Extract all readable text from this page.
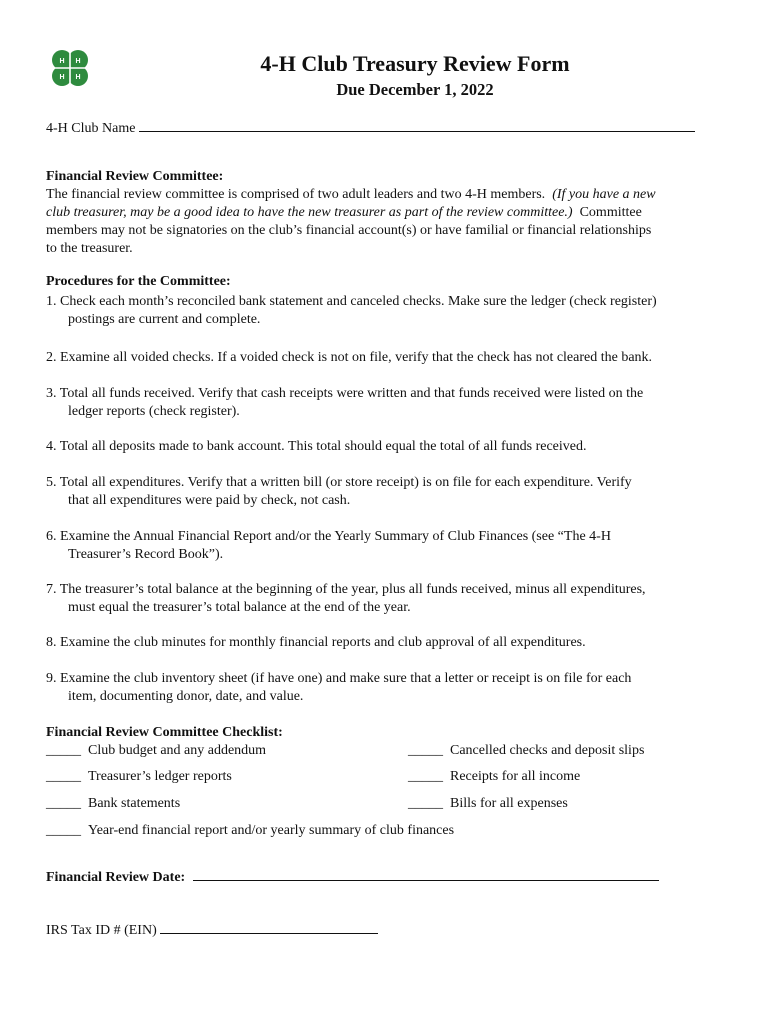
H H
H H
4-H Club Treasury Review Form
Due December 1, 2022
4-H Club Name
Financial Review Committee:
The financial review committee is comprised of two adult leaders and two 4-H members. (If you have a new
club treasurer, may be a good idea to have the new treasurer as part of the review committee.) Committee
members may not be signatories on the club’s financial account(s) or have familial or financial relationships
to the treasurer.
Procedures for the Committee:
1. Check each month’s reconciled bank statement and canceled checks. Make sure the ledger (check register)
postings are current and complete.
2. Examine all voided checks. If a voided check is not on file, verify that the check has not cleared the bank.
3. Total all funds received. Verify that cash receipts were written and that funds received were listed on the
ledger reports (check register).
4. Total all deposits made to bank account. This total should equal the total of all funds received.
5. Total all expenditures. Verify that a written bill (or store receipt) is on file for each expenditure. Verify
that all expenditures were paid by check, not cash.
6. Examine the Annual Financial Report and/or the Yearly Summary of Club Finances (see “The 4-H
Treasurer’s Record Book”).
7. The treasurer’s total balance at the beginning of the year, plus all funds received, minus all expenditures,
must equal the treasurer’s total balance at the end of the year.
8. Examine the club minutes for monthly financial reports and club approval of all expenditures.
9. Examine the club inventory sheet (if have one) and make sure that a letter or receipt is on file for each
item, documenting donor, date, and value.
Financial Review Committee Checklist:
_____ Club budget and any addendum	_____ Cancelled checks and deposit slips
_____ Treasurer’s ledger reports	_____ Receipts for all income
_____ Bank statements	_____ Bills for all expenses
_____ Year-end financial report and/or yearly summary of club finances
Financial Review Date:
IRS Tax ID # (EIN)
